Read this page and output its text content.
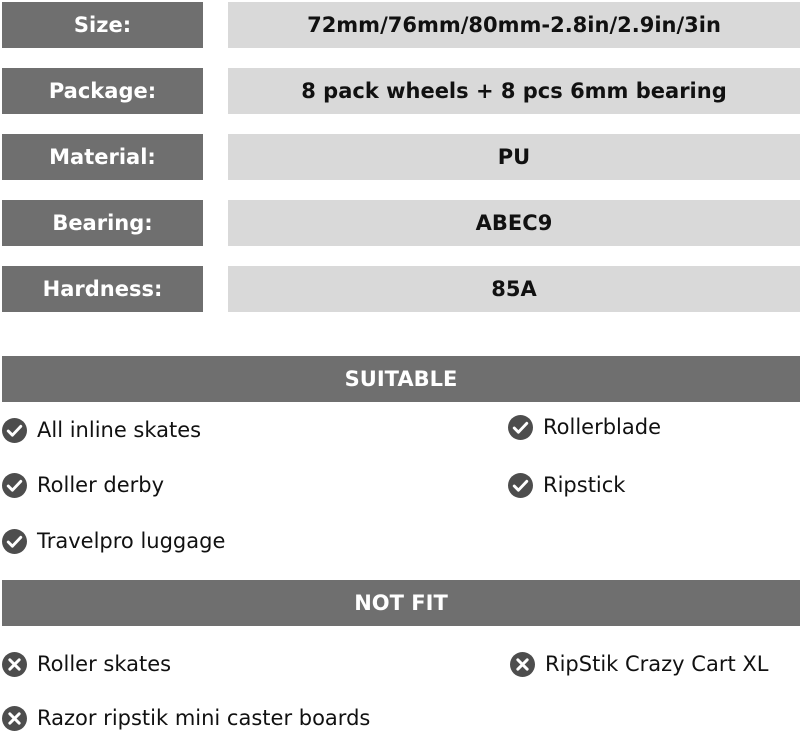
Size:	72mm/76mm/80mm-2.8in/2.9in/3in
Package:	8 pack wheels + 8 pcs 6mm bearing
Material:	PU
Bearing:	ABEC9
Hardness:	85A
SUITABLE
All inline skates	Rollerblade
Roller derby	Ripstick
Travelpro luggage
NOT FIT
Roller skates	RipStik Crazy Cart XL
Razor ripstik mini caster boards
